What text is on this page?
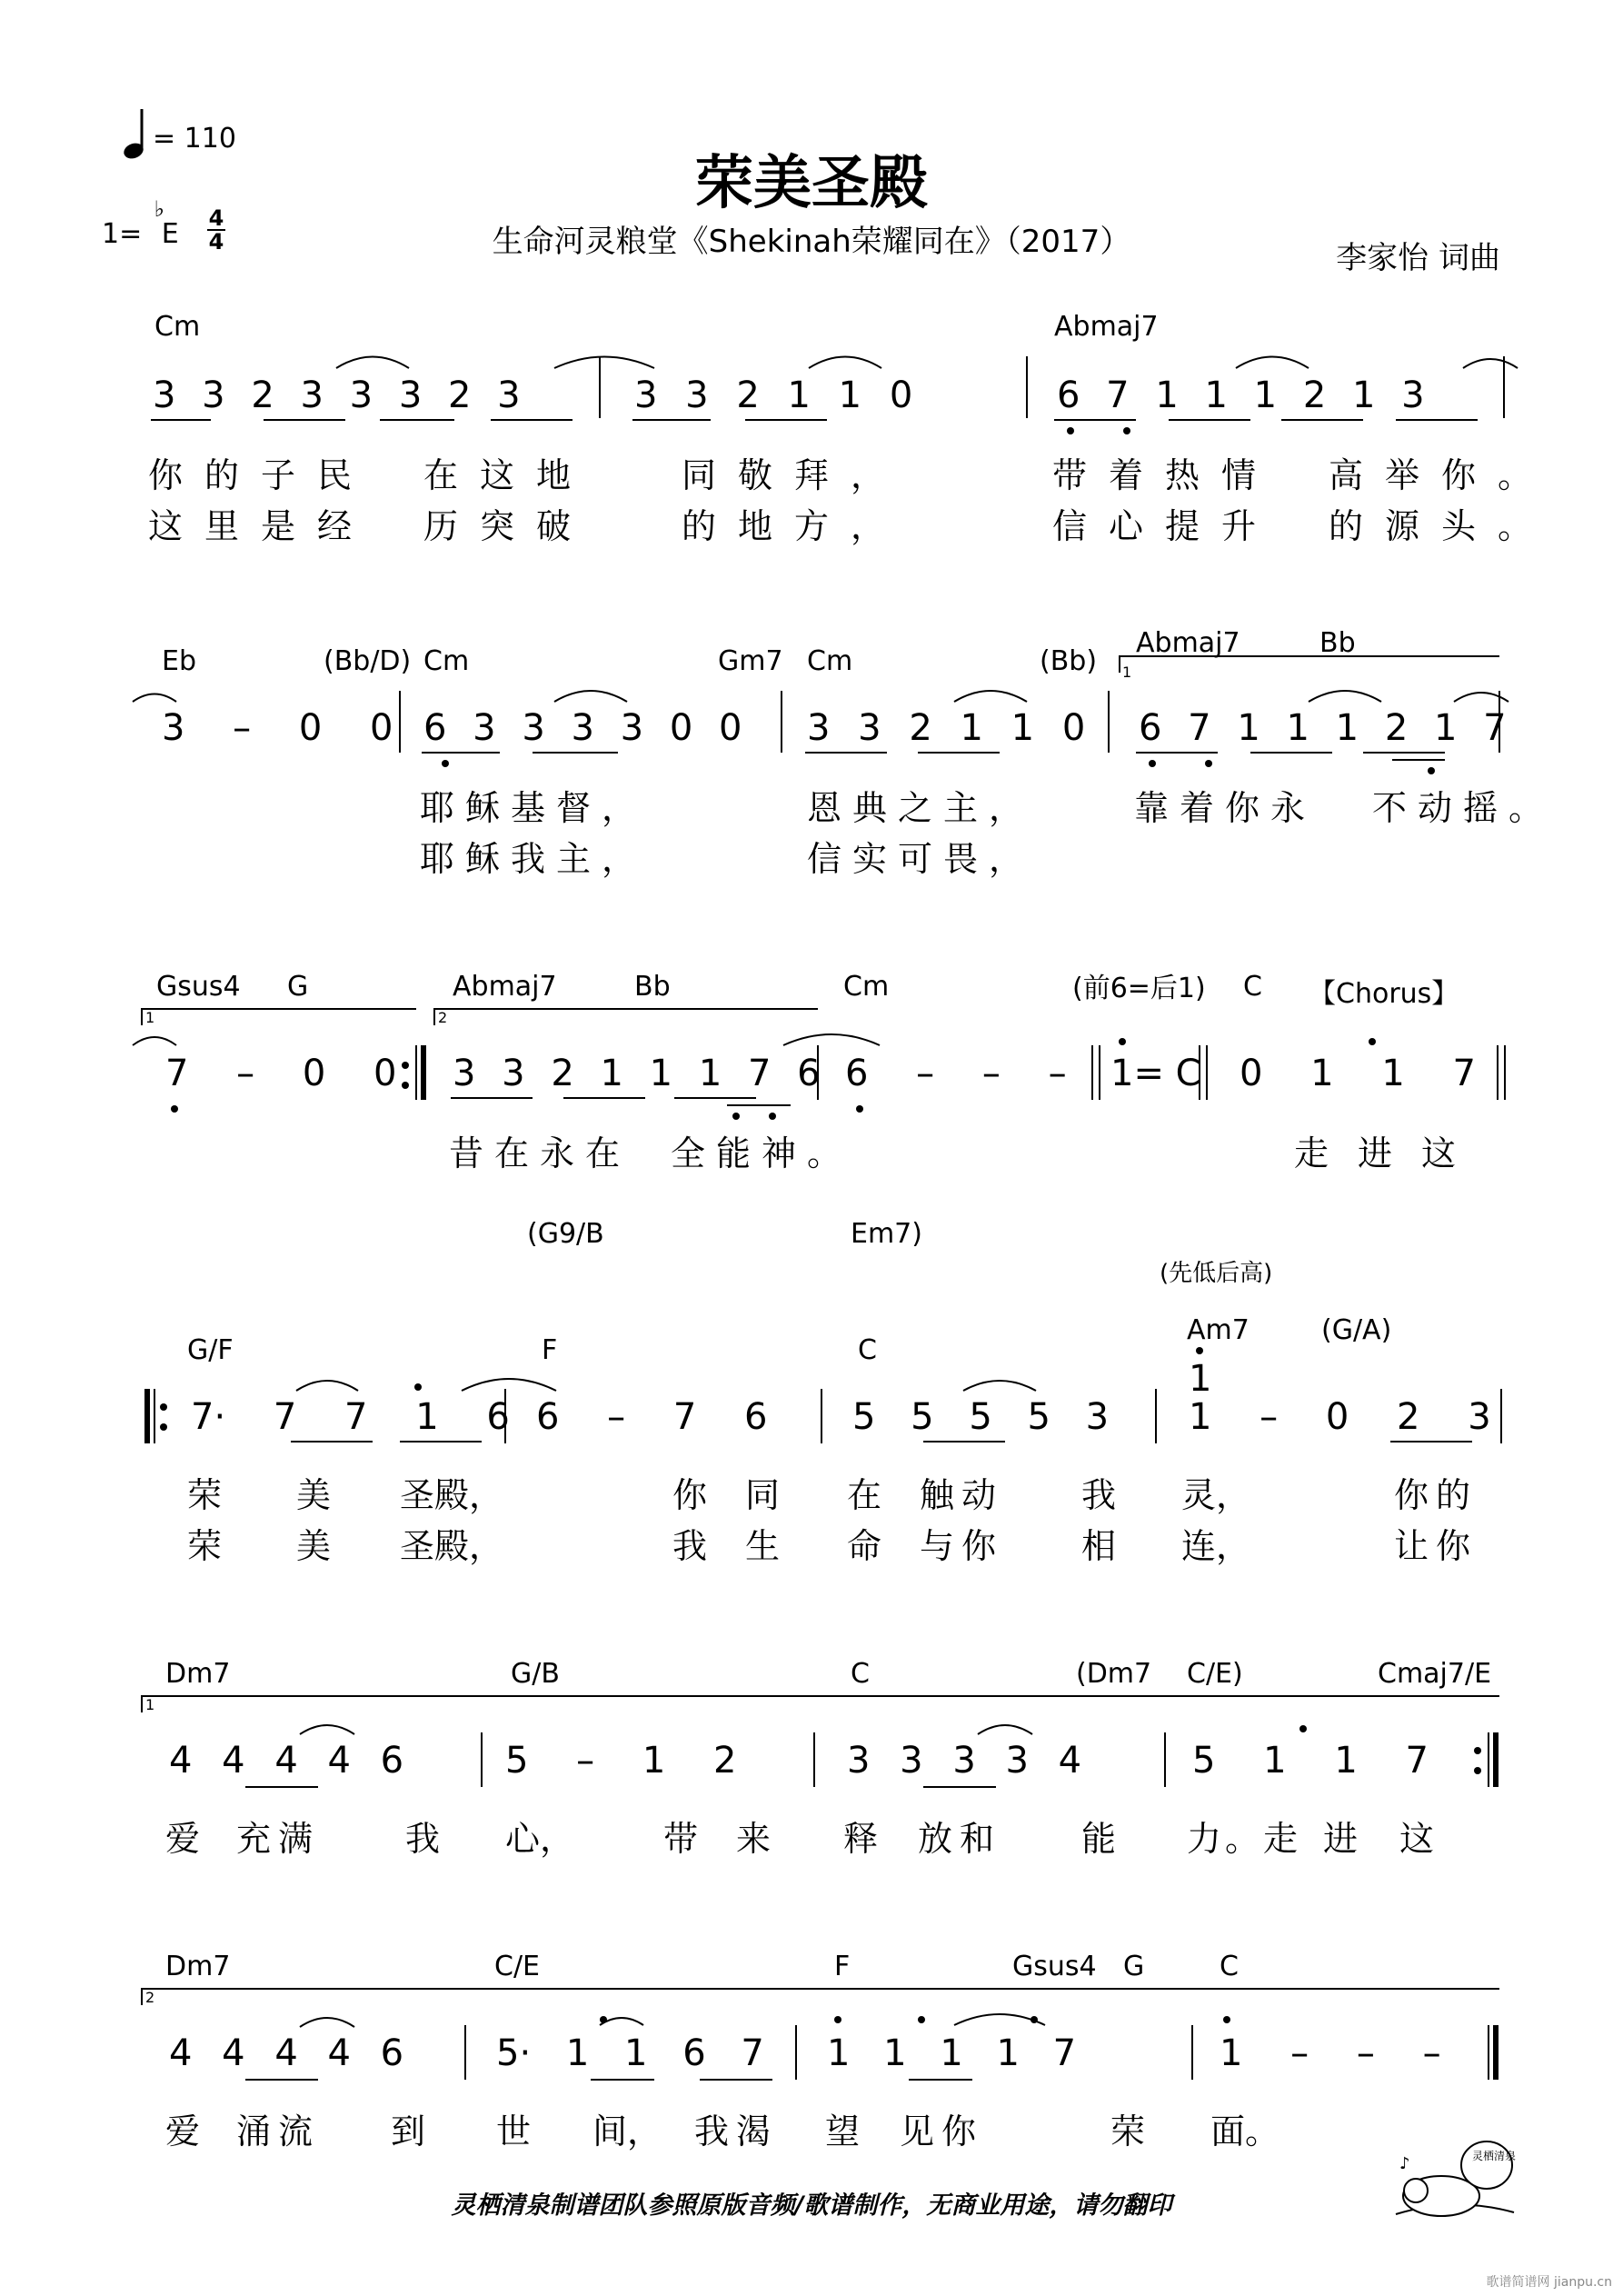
荣美圣殿
生命河灵粮堂《Shekinah荣耀同在》（2017）	李家怡 词曲
= 110
1=
♭
E 4
4
Cm	Abmaj7
3 3 2 3 3 3 2 3	3 3 2 1 1 0	6 7 1 1 1 2 1 3
你的子民 在这地	同敬拜，	带着热情 高举你。
这里是经 历突破	的地方，	信心提升 的源头。
Eb	(Bb/D) Cm	Gm7 Cm	(Bb)
Abmaj7	Bb
1
3 – 0 0 6 3 3 3 3 0 0 3 3 2 1 1 0 6 7 1 1 1 2 1 7
耶稣基督，	恩典之主，	靠着你永 不动摇。
耶稣我主，	信实可畏，
Gsus4 G	Abmaj7	Bb	Cm	C
(前6=后1)	【Chorus】
1	2
7 – 0 0 3 3 2 1 1 1 7 6 6 – – – 1= C 0 1 1 7
昔在永在 全能神。	走进这
(G9/B	Em7)
(先低后高)
G/F	F	C
Am7	(G/A)
7· 7 7 1 6 6 – 7 6 5 5 5 5 3 1 – 0 2 3
1
荣 美 圣殿，	你 同 在 触动 我 灵，	你的
荣 美 圣殿，	我 生 命 与你 相 连，	让你
Dm7	G/B	C	(Dm7 C/E)	Cmaj7/E
1
4 4 4 4 6	5 – 1 2	3 3 3 3 4	5 1 1 7
爱 充满 我 心，	带 来 释 放和 能 力。走 进 这
Dm7	C/E	F	Gsus4 G	C
2
4 4 4 4 6	5· 1 1 6 7 1 1 1 1 7	1 – – –
爱 涌流 到 世 间， 我渴 望 见你	荣 面。
灵栖清泉制谱团队参照原版音频/歌谱制作，无商业用途，请勿翻印
灵栖清泉
♪
歌谱简谱网 jianpu.cn
